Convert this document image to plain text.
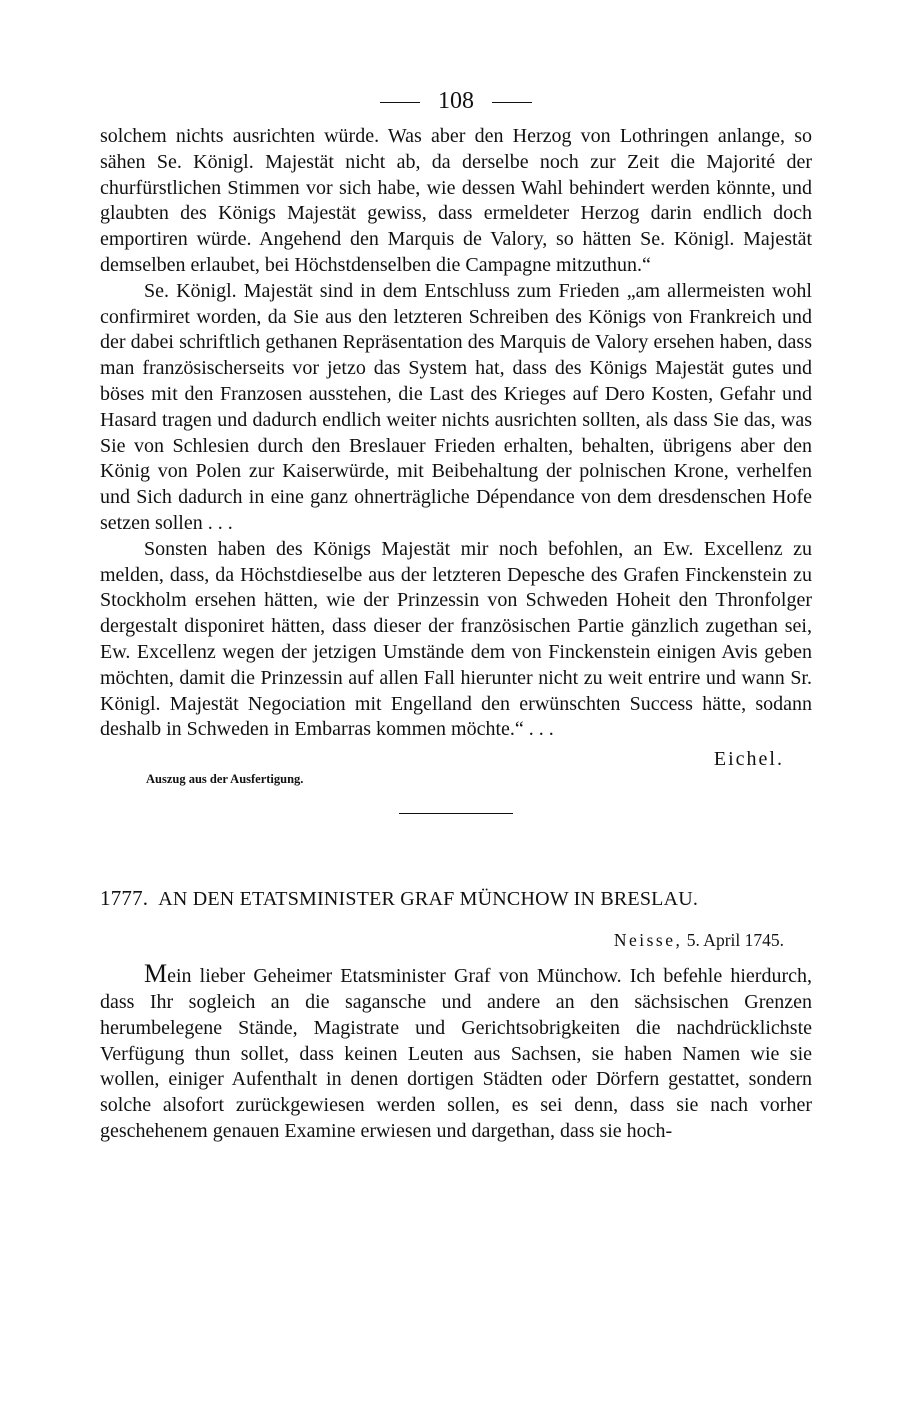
108

solchem nichts ausrichten würde. Was aber den Herzog von Lothringen anlange, so sähen Se. Königl. Majestät nicht ab, da derselbe noch zur Zeit die Majorité der churfürstlichen Stimmen vor sich habe, wie dessen Wahl behindert werden könnte, und glaubten des Königs Majestät gewiss, dass ermeldeter Herzog darin endlich doch emportiren würde. Angehend den Marquis de Valory, so hätten Se. Königl. Majestät demselben erlaubet, bei Höchstdenselben die Campagne mitzuthun.“

Se. Königl. Majestät sind in dem Entschluss zum Frieden „am allermeisten wohl confirmiret worden, da Sie aus den letzteren Schreiben des Königs von Frankreich und der dabei schriftlich gethanen Repräsentation des Marquis de Valory ersehen haben, dass man französischerseits vor jetzo das System hat, dass des Königs Majestät gutes und böses mit den Franzosen ausstehen, die Last des Krieges auf Dero Kosten, Gefahr und Hasard tragen und dadurch endlich weiter nichts ausrichten sollten, als dass Sie das, was Sie von Schlesien durch den Breslauer Frieden erhalten, behalten, übrigens aber den König von Polen zur Kaiserwürde, mit Beibehaltung der polnischen Krone, verhelfen und Sich dadurch in eine ganz ohnerträgliche Dépendance von dem dresdenschen Hofe setzen sollen . . .

Sonsten haben des Königs Majestät mir noch befohlen, an Ew. Excellenz zu melden, dass, da Höchstdieselbe aus der letzteren Depesche des Grafen Finckenstein zu Stockholm ersehen hätten, wie der Prinzessin von Schweden Hoheit den Thronfolger dergestalt disponiret hätten, dass dieser der französischen Partie gänzlich zugethan sei, Ew. Excellenz wegen der jetzigen Umstände dem von Finckenstein einigen Avis geben möchten, damit die Prinzessin auf allen Fall hierunter nicht zu weit entrire und wann Sr. Königl. Majestät Negociation mit Engelland den erwünschten Success hätte, sodann deshalb in Schweden in Embarras kommen möchte.“ . . .

Eichel.
Auszug aus der Ausfertigung.
1777. AN DEN ETATSMINISTER GRAF MÜNCHOW IN BRESLAU.
Neisse, 5. April 1745.

Mein lieber Geheimer Etatsminister Graf von Münchow. Ich befehle hierdurch, dass Ihr sogleich an die sagansche und andere an den sächsischen Grenzen herumbelegene Stände, Magistrate und Gerichtsobrigkeiten die nachdrücklichste Verfügung thun sollet, dass keinen Leuten aus Sachsen, sie haben Namen wie sie wollen, einiger Aufenthalt in denen dortigen Städten oder Dörfern gestattet, sondern solche alsofort zurückgewiesen werden sollen, es sei denn, dass sie nach vorher geschehenem genauen Examine erwiesen und dargethan, dass sie hoch-
